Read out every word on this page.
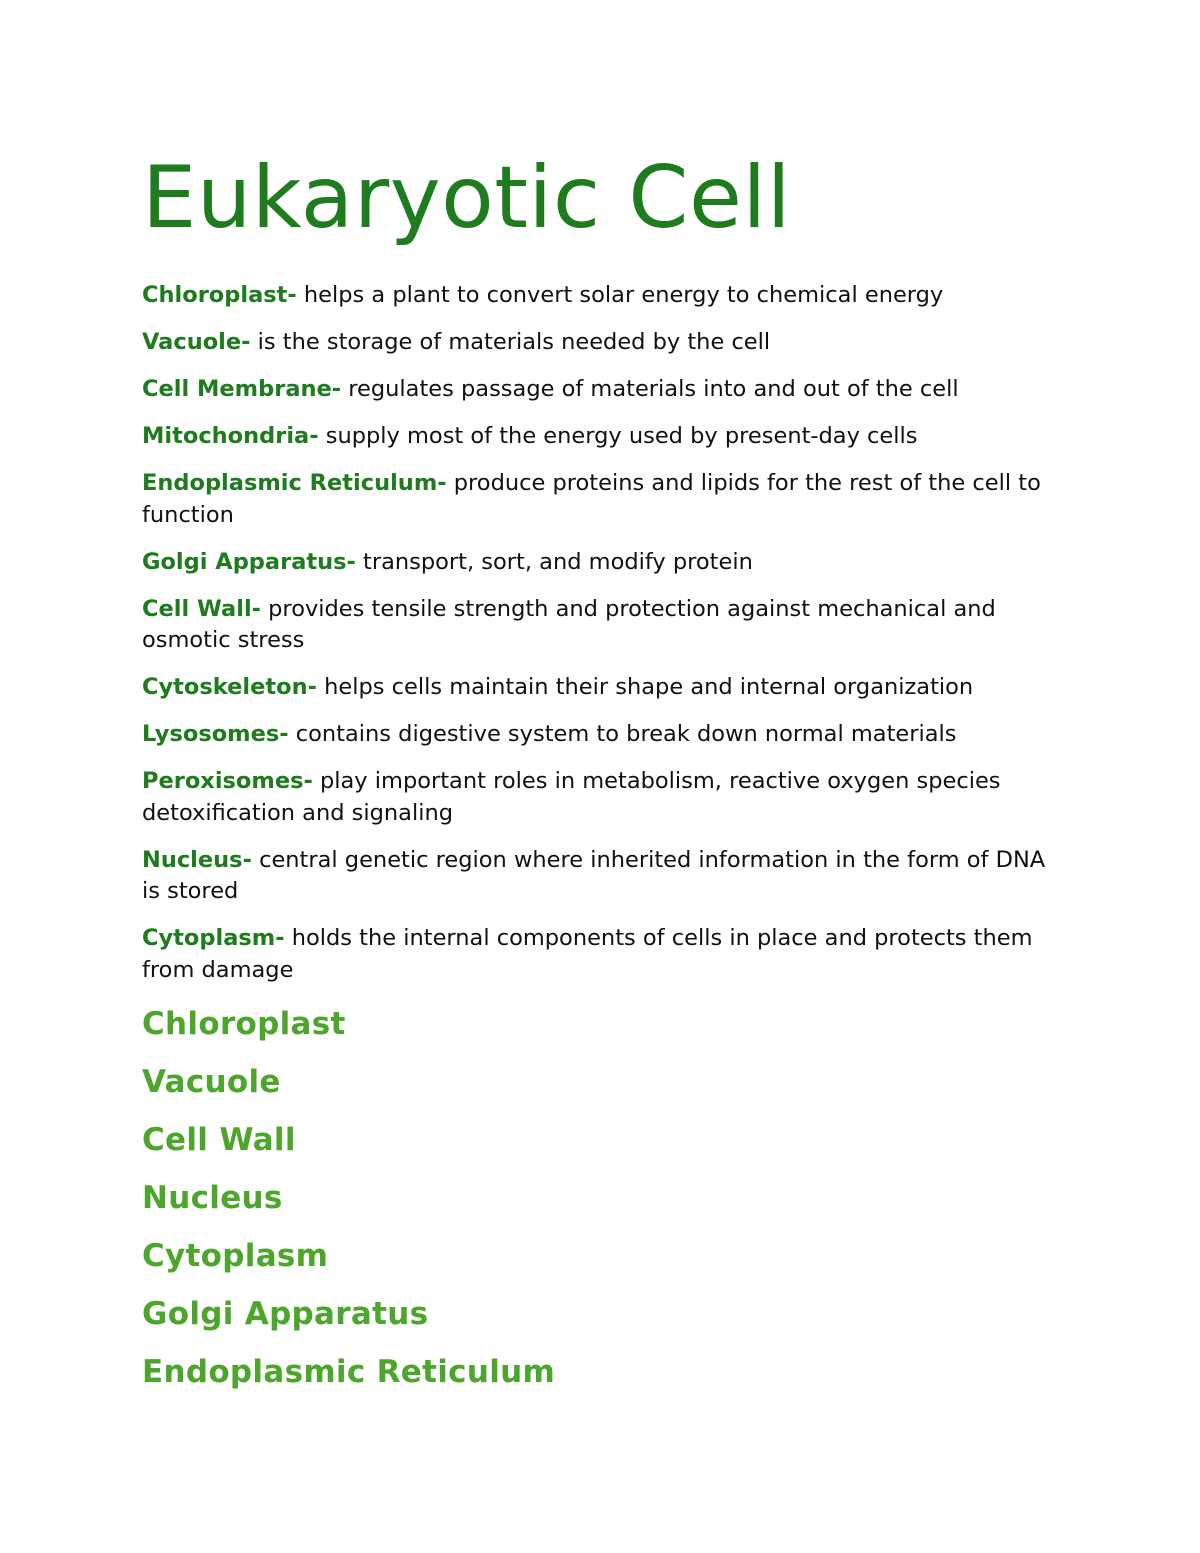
Eukaryotic Cell

Chloroplast- helps a plant to convert solar energy to chemical energy

Vacuole- is the storage of materials needed by the cell

Cell Membrane- regulates passage of materials into and out of the cell

Mitochondria- supply most of the energy used by present-day cells

Endoplasmic Reticulum- produce proteins and lipids for the rest of the cell to function

Golgi Apparatus- transport, sort, and modify protein

Cell Wall- provides tensile strength and protection against mechanical and osmotic stress

Cytoskeleton- helps cells maintain their shape and internal organization

Lysosomes- contains digestive system to break down normal materials

Peroxisomes- play important roles in metabolism, reactive oxygen species detoxification and signaling

Nucleus- central genetic region where inherited information in the form of DNA is stored

Cytoplasm- holds the internal components of cells in place and protects them from damage

Chloroplast
Vacuole
Cell Wall
Nucleus
Cytoplasm
Golgi Apparatus
Endoplasmic Reticulum
